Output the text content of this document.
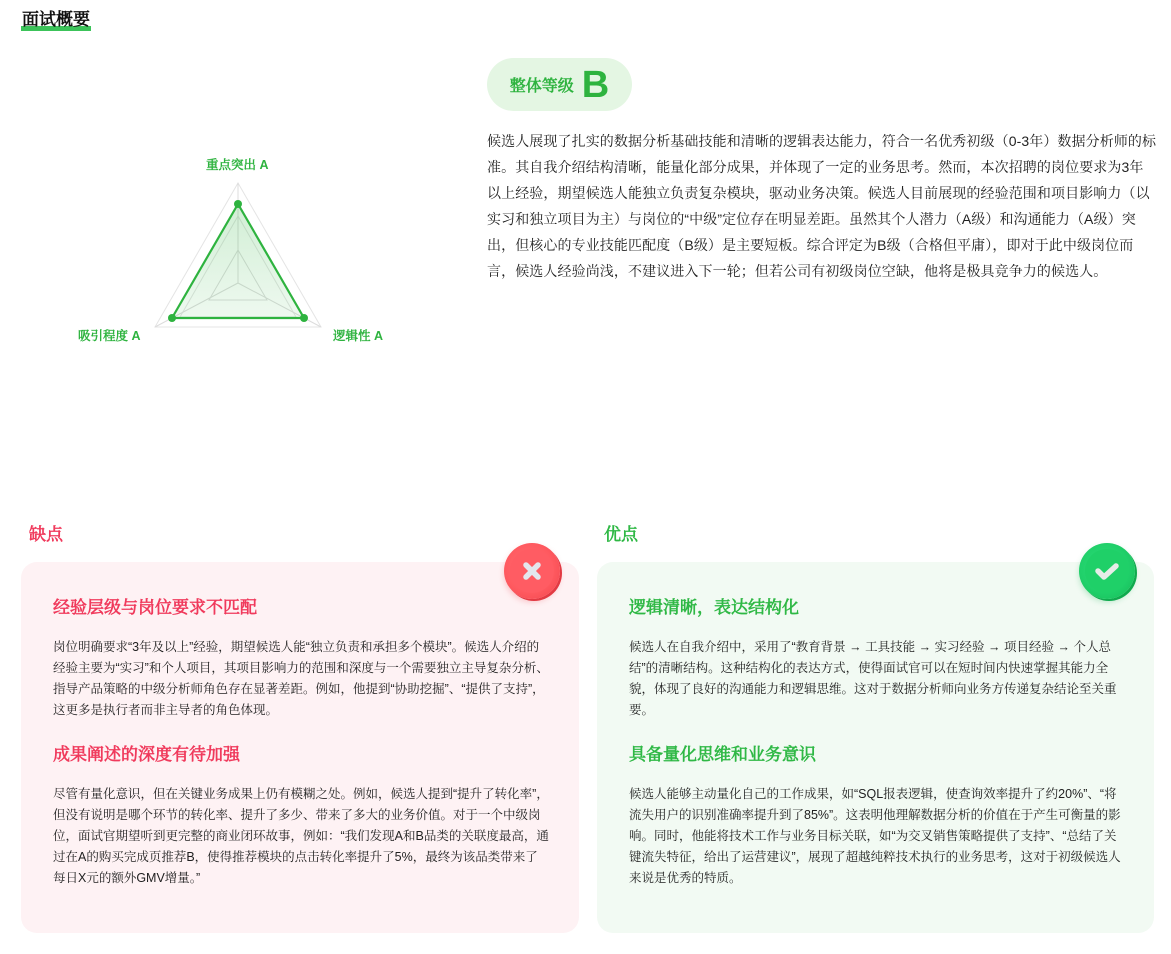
面试概要
重点突出 A
吸引程度 A	逻辑性 A
整体等级 B

候选人展现了扎实的数据分析基础技能和清晰的逻辑表达能力，符合一名优秀初级（0-3年）数据分析师的标准。其自我介绍结构清晰，能量化部分成果，并体现了一定的业务思考。然而，本次招聘的岗位要求为3年以上经验，期望候选人能独立负责复杂模块，驱动业务决策。候选人目前展现的经验范围和项目影响力（以实习和独立项目为主）与岗位的“中级”定位存在明显差距。虽然其个人潜力（A级）和沟通能力（A级）突出，但核心的专业技能匹配度（B级）是主要短板。综合评定为B级（合格但平庸），即对于此中级岗位而言，候选人经验尚浅，不建议进入下一轮；但若公司有初级岗位空缺，他将是极具竞争力的候选人。

缺点	优点
经验层级与岗位要求不匹配
岗位明确要求“3年及以上”经验，期望候选人能“独立负责和承担多个模块”。候选人介绍的经验主要为“实习”和个人项目，其项目影响力的范围和深度与一个需要独立主导复杂分析、指导产品策略的中级分析师角色存在显著差距。例如，他提到“协助挖掘”、“提供了支持”，这更多是执行者而非主导者的角色体现。
成果阐述的深度有待加强
尽管有量化意识，但在关键业务成果上仍有模糊之处。例如，候选人提到“提升了转化率”，但没有说明是哪个环节的转化率、提升了多少、带来了多大的业务价值。对于一个中级岗位，面试官期望听到更完整的商业闭环故事，例如：“我们发现A和B品类的关联度最高，通过在A的购买完成页推荐B，使得推荐模块的点击转化率提升了5%，最终为该品类带来了每日X元的额外GMV增量。”
逻辑清晰，表达结构化
候选人在自我介绍中，采用了“教育背景 → 工具技能 → 实习经验 → 项目经验 → 个人总结”的清晰结构。这种结构化的表达方式，使得面试官可以在短时间内快速掌握其能力全貌，体现了良好的沟通能力和逻辑思维。这对于数据分析师向业务方传递复杂结论至关重要。
具备量化思维和业务意识
候选人能够主动量化自己的工作成果，如“SQL报表逻辑，使查询效率提升了约20%”、“将流失用户的识别准确率提升到了85%”。这表明他理解数据分析的价值在于产生可衡量的影响。同时，他能将技术工作与业务目标关联，如“为交叉销售策略提供了支持”、“总结了关键流失特征，给出了运营建议”，展现了超越纯粹技术执行的业务思考，这对于初级候选人来说是优秀的特质。
